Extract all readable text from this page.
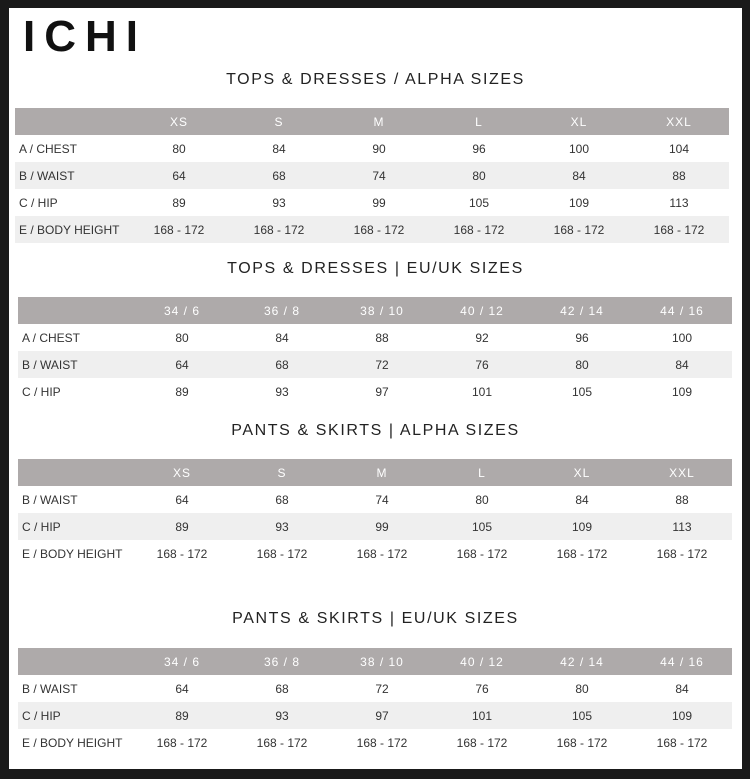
ICHI
TOPS & DRESSES / ALPHA SIZES
	XS	S	M	L	XL	XXL
A / CHEST	80	84	90	96	100	104
B / WAIST	64	68	74	80	84	88
C / HIP	89	93	99	105	109	113
E / BODY HEIGHT	168 - 172	168 - 172	168 - 172	168 - 172	168 - 172	168 - 172
TOPS & DRESSES | EU/UK SIZES
	34 / 6	36 / 8	38 / 10	40 / 12	42 / 14	44 / 16
A / CHEST	80	84	88	92	96	100
B / WAIST	64	68	72	76	80	84
C / HIP	89	93	97	101	105	109
PANTS & SKIRTS | ALPHA SIZES
	XS	S	M	L	XL	XXL
B / WAIST	64	68	74	80	84	88
C / HIP	89	93	99	105	109	113
E / BODY HEIGHT	168 - 172	168 - 172	168 - 172	168 - 172	168 - 172	168 - 172
PANTS & SKIRTS | EU/UK SIZES
	34 / 6	36 / 8	38 / 10	40 / 12	42 / 14	44 / 16
B / WAIST	64	68	72	76	80	84
C / HIP	89	93	97	101	105	109
E / BODY HEIGHT	168 - 172	168 - 172	168 - 172	168 - 172	168 - 172	168 - 172
